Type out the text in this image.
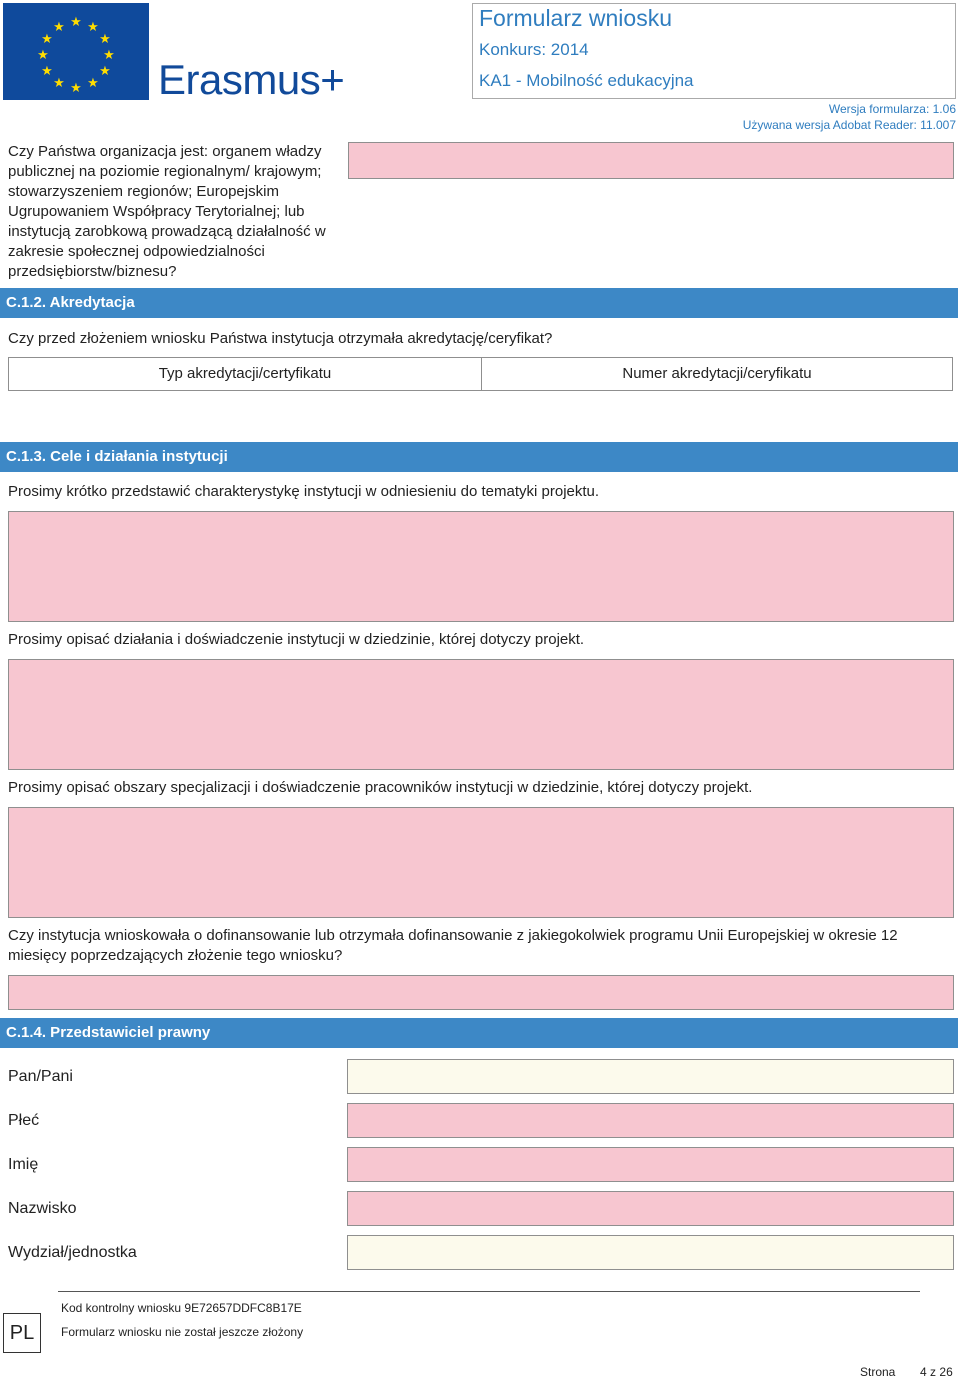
★ ★
★
★
★
★
★
★
★
★
★
★
Erasmus+
Formularz wniosku
Konkurs: 2014
KA1 - Mobilność edukacyjna
Wersja formularza: 1.06
Używana wersja Adobat Reader: 11.007
Czy Państwa organizacja jest: organem władzy publicznej na poziomie regionalnym/ krajowym; stowarzyszeniem regionów; Europejskim Ugrupowaniem Współpracy Terytorialnej; lub instytucją zarobkową prowadzącą działalność w zakresie społecznej odpowiedzialności przedsiębiorstw/biznesu?
C.1.2. Akredytacja
Czy przed złożeniem wniosku Państwa instytucja otrzymała akredytację/ceryfikat?
Typ akredytacji/certyfikatu	Numer akredytacji/ceryfikatu
C.1.3. Cele i działania instytucji
Prosimy krótko przedstawić charakterystykę instytucji w odniesieniu do tematyki projektu.
Prosimy opisać działania i doświadczenie instytucji w dziedzinie, której dotyczy projekt.
Prosimy opisać obszary specjalizacji i doświadczenie pracowników instytucji w dziedzinie, której dotyczy projekt.
Czy instytucja wnioskowała o dofinansowanie lub otrzymała dofinansowanie z jakiegokolwiek programu Unii Europejskiej w okresie 12 miesięcy poprzedzających złożenie tego wniosku?
C.1.4. Przedstawiciel prawny
Pan/Pani
Płeć
Imię
Nazwisko
Wydział/jednostka
PL
Kod kontrolny wniosku 9E72657DDFC8B17E
Formularz wniosku nie został jeszcze złożony
Strona 4 z 26
